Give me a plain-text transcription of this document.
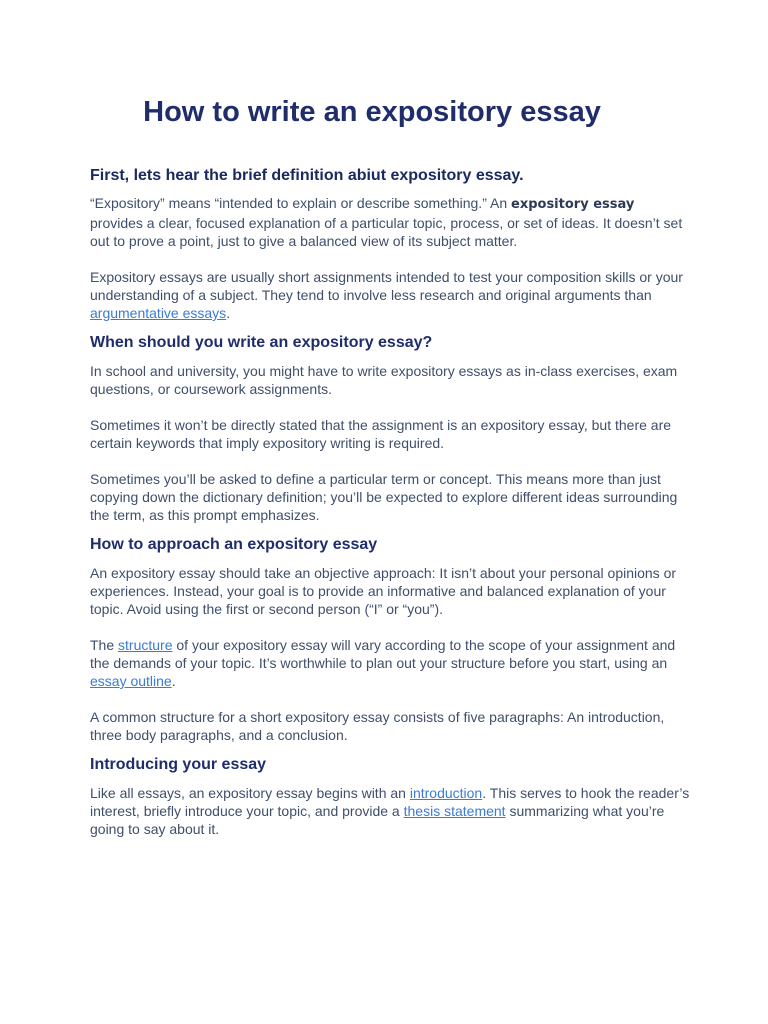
How to write an expository essay
First, lets hear the brief definition abiut expository essay.

“Expository” means “intended to explain or describe something.” An expository essay provides a clear, focused explanation of a particular topic, process, or set of ideas. It doesn’t set out to prove a point, just to give a balanced view of its subject matter.

Expository essays are usually short assignments intended to test your composition skills or your understanding of a subject. They tend to involve less research and original arguments than argumentative essays.

When should you write an expository essay?

In school and university, you might have to write expository essays as in-class exercises, exam questions, or coursework assignments.

Sometimes it won’t be directly stated that the assignment is an expository essay, but there are certain keywords that imply expository writing is required.

Sometimes you’ll be asked to define a particular term or concept. This means more than just copying down the dictionary definition; you’ll be expected to explore different ideas surrounding the term, as this prompt emphasizes.

How to approach an expository essay

An expository essay should take an objective approach: It isn’t about your personal opinions or experiences. Instead, your goal is to provide an informative and balanced explanation of your topic. Avoid using the first or second person (“I” or “you”).

The structure of your expository essay will vary according to the scope of your assignment and the demands of your topic. It’s worthwhile to plan out your structure before you start, using an essay outline.

A common structure for a short expository essay consists of five paragraphs: An introduction, three body paragraphs, and a conclusion.

Introducing your essay

Like all essays, an expository essay begins with an introduction. This serves to hook the reader’s interest, briefly introduce your topic, and provide a thesis statement summarizing what you’re going to say about it.
